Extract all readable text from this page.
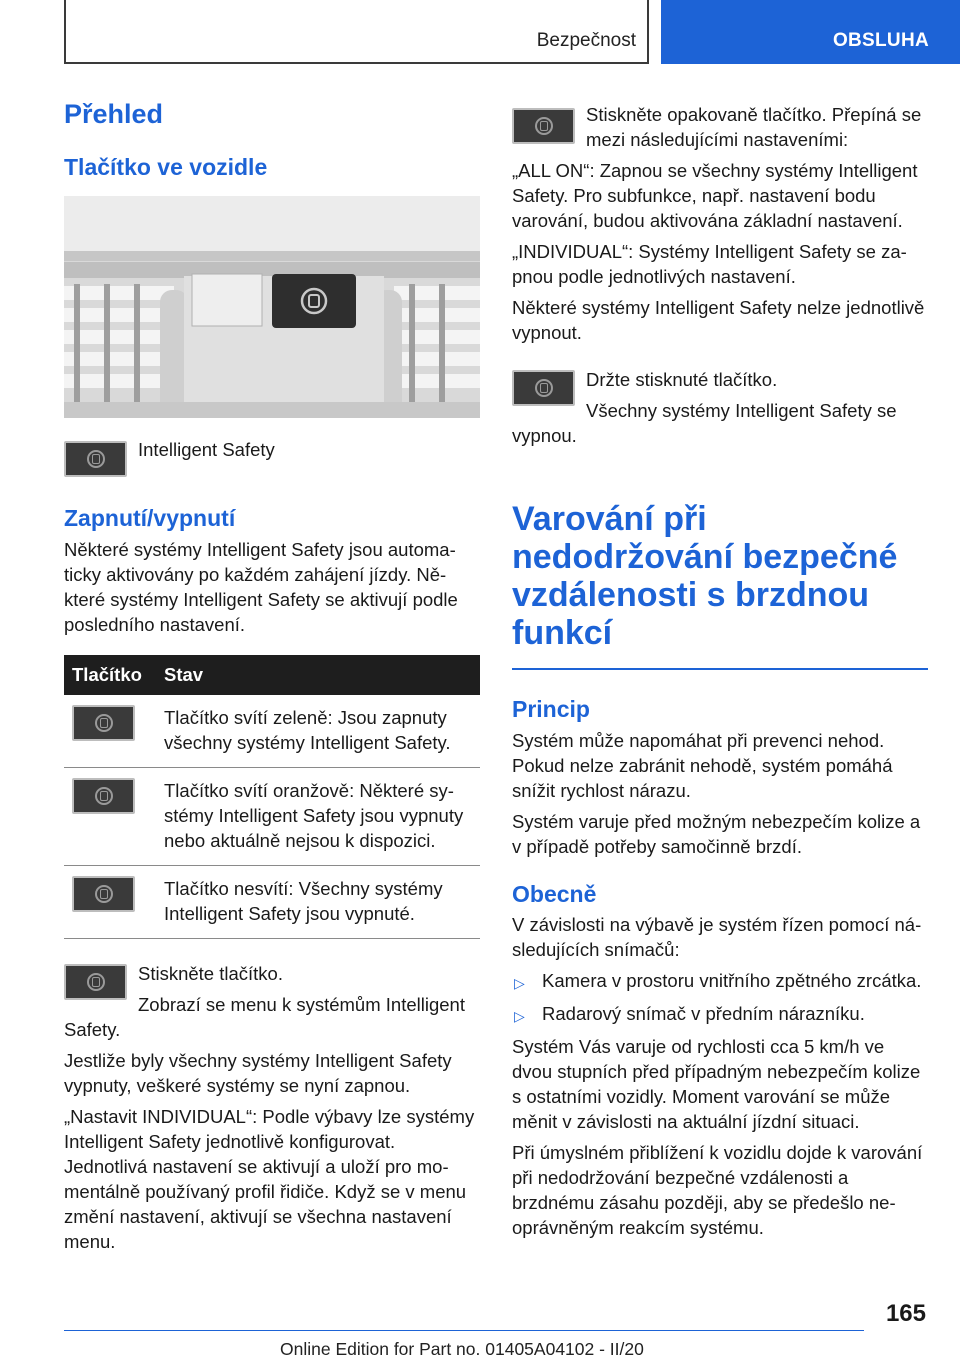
Bezpečnost	OBSLUHA
Přehled
Tlačítko ve vozidle
Intelligent Safety
Zapnutí/vypnutí

Některé systémy Intelligent Safety jsou automaticky aktivovány po každém zahájení jízdy. Některé systémy Intelligent Safety se aktivují podle posledního nastavení.

Tlačítko	Stav

	Tlačítko svítí zeleně: Jsou zapnuty všechny systémy Intelligent Safety.

	Tlačítko svítí oranžově: Některé systémy Intelligent Safety jsou vypnuty nebo aktuálně nejsou k dispozici.

	Tlačítko nesvítí: Všechny systémy Intelligent Safety jsou vypnuté.

Stiskněte tlačítko.

Zobrazí se menu k systémům Intelligent Safety.

Jestliže byly všechny systémy Intelligent Safety vypnuty, veškeré systémy se nyní zapnou.

„Nastavit INDIVIDUAL“: Podle výbavy lze systémy Intelligent Safety jednotlivě konfigurovat. Jednotlivá nastavení se aktivují a uloží pro momentálně používaný profil řidiče. Když se v menu změní nastavení, aktivují se všechna nastavení menu.

Stiskněte opakovaně tlačítko. Přepíná se mezi následujícími nastaveními:

„ALL ON“: Zapnou se všechny systémy Intelligent Safety. Pro subfunkce, např. nastavení bodu varování, budou aktivována základní nastavení.

„INDIVIDUAL“: Systémy Intelligent Safety se zapnou podle jednotlivých nastavení.

Některé systémy Intelligent Safety nelze jednotlivě vypnout.

Držte stisknuté tlačítko.

Všechny systémy Intelligent Safety se vypnou.

Varování při nedodržování bezpečné vzdálenosti s brzdnou funkcí
Princip

Systém může napomáhat při prevenci nehod. Pokud nelze zabránit nehodě, systém pomáhá snížit rychlost nárazu.

Systém varuje před možným nebezpečím kolize a v případě potřeby samočinně brzdí.

Obecně

V závislosti na výbavě je systém řízen pomocí následujících snímačů:

▷ Kamera v prostoru vnitřního zpětného zrcátka.
▷ Radarový snímač v předním nárazníku.

Systém Vás varuje od rychlosti cca 5 km/h ve dvou stupních před případným nebezpečím kolize s ostatními vozidly. Moment varování se může měnit v závislosti na aktuální jízdní situaci.

Při úmyslném přiblížení k vozidlu dojde k varování při nedodržování bezpečné vzdálenosti a brzdnému zásahu později, aby se předešlo neoprávněným reakcím systému.

165
Online Edition for Part no. 01405A04102 - II/20
